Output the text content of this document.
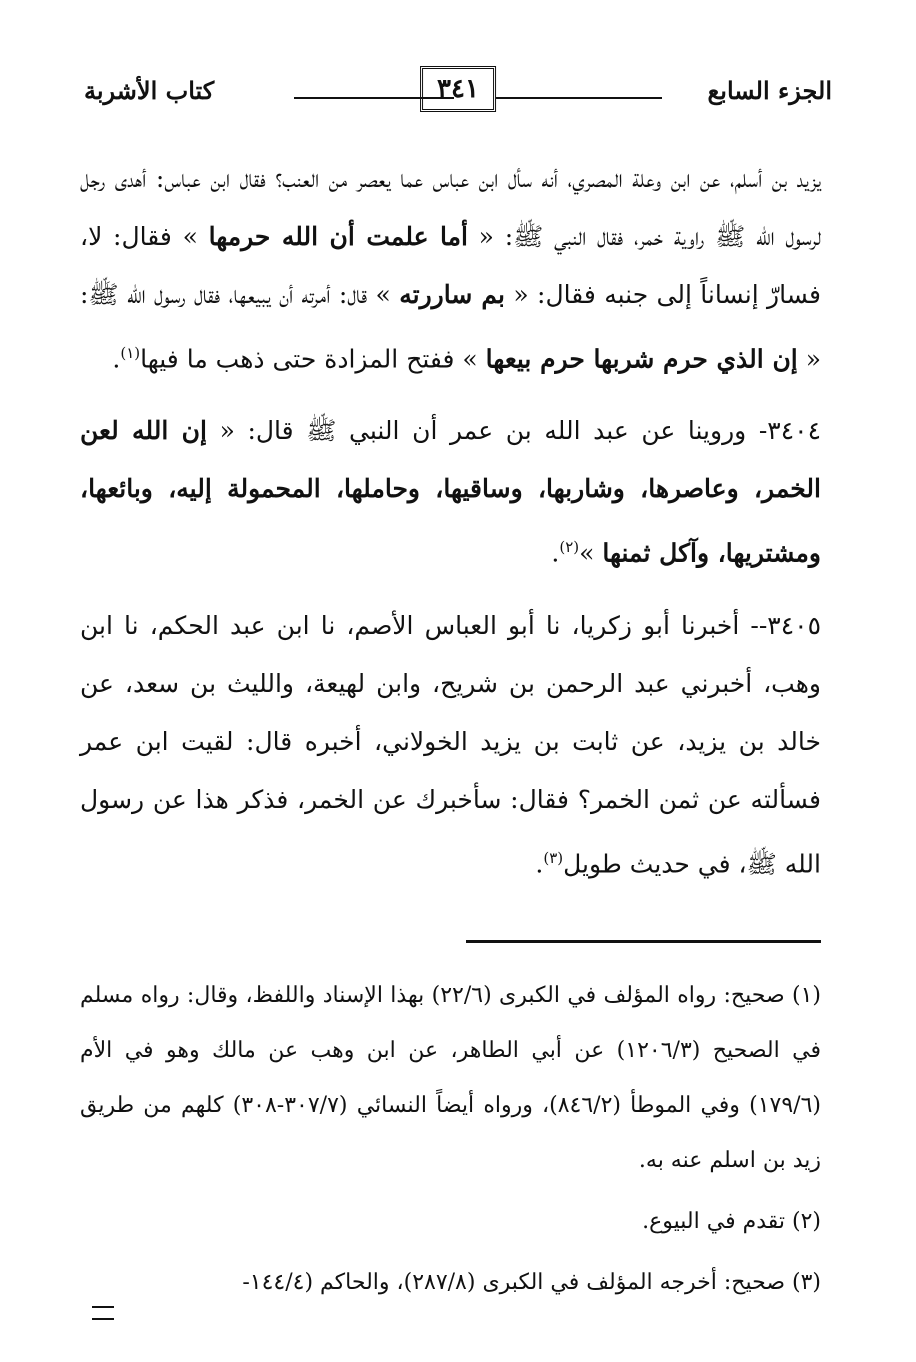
الجزء السابع
٣٤١
كتاب الأشربة

يزيد بن أسلم، عن ابن وعلة المصري، أنه سأل ابن عباس عما يعصر من العنب؟ فقال ابن عباس: أهدى رجل لرسول الله ﷺ راوية خمر، فقال النبي ﷺ: « أما علمت أن الله حرمها » فقال: لا، فسارّ إنساناً إلى جنبه فقال: « بم ساررته » قال: أمرته أن يبيعها، فقال رسول الله ﷺ: « إن الذي حرم شربها حرم بيعها » ففتح المزادة حتى ذهب ما فيها$^{(١)}$.

٣٤٠٤- وروينا عن عبد الله بن عمر أن النبي ﷺ قال: « إن الله لعن الخمر، وعاصرها، وشاربها، وساقيها، وحاملها، المحمولة إليه، وبائعها، ومشتريها، وآكل ثمنها »$^{(٢)}$.

٣٤٠٥-- أخبرنا أبو زكريا، نا أبو العباس الأصم، نا ابن عبد الحكم، نا ابن وهب، أخبرني عبد الرحمن بن شريح، وابن لهيعة، والليث بن سعد، عن خالد بن يزيد، عن ثابت بن يزيد الخولاني، أخبره قال: لقيت ابن عمر فسألته عن ثمن الخمر؟ فقال: سأخبرك عن الخمر، فذكر هذا عن رسول الله ﷺ، في حديث طويل$^{(٣)}$.

(١) صحيح: رواه المؤلف في الكبرى (٢٢/٦) بهذا الإسناد واللفظ، وقال: رواه مسلم في الصحيح (١٢٠٦/٣) عن أبي الطاهر، عن ابن وهب عن مالك وهو في الأم (١٧٩/٦) وفي الموطأ (٨٤٦/٢)، ورواه أيضاً النسائي (٣٠٧/٧-٣٠٨) كلهم من طريق زيد بن اسلم عنه به.

(٢) تقدم في البيوع.

(٣) صحيح: أخرجه المؤلف في الكبرى (٢٨٧/٨)، والحاكم (١٤٤/٤-
